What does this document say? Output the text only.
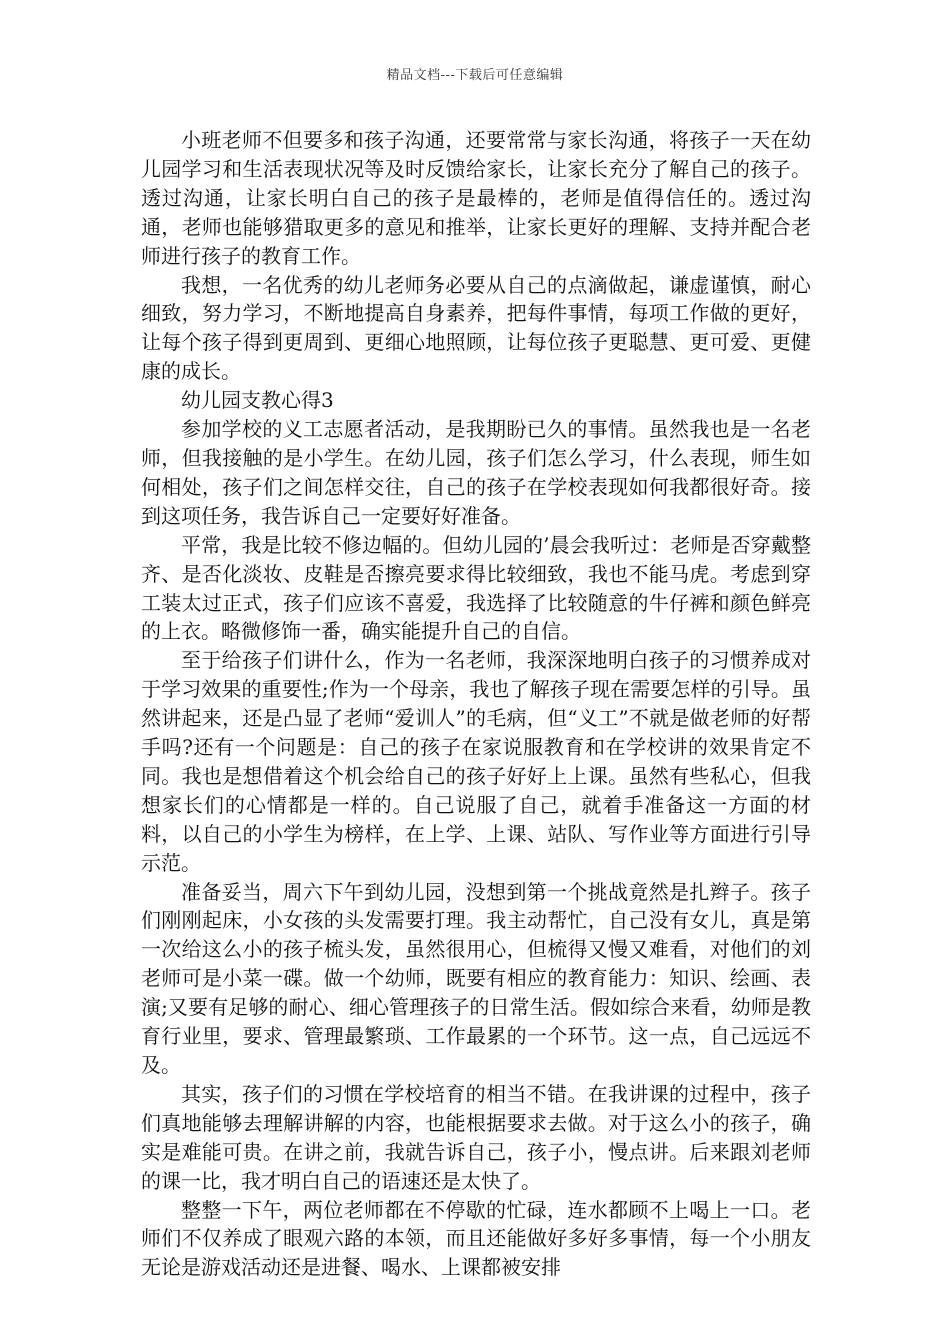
精品文档---下载后可任意编辑

小班老师不但要多和孩子沟通，还要常常与家长沟通，将孩子一天在幼儿园学习和生活表现状况等及时反馈给家长，让家长充分了解自己的孩子。透过沟通，让家长明白自己的孩子是最棒的，老师是值得信任的。透过沟通，老师也能够猎取更多的意见和推举，让家长更好的理解、支持并配合老师进行孩子的教育工作。

我想，一名优秀的幼儿老师务必要从自己的点滴做起，谦虚谨慎，耐心细致，努力学习，不断地提高自身素养，把每件事情，每项工作做的更好，让每个孩子得到更周到、更细心地照顾，让每位孩子更聪慧、更可爱、更健康的成长。

幼儿园支教心得3

参加学校的义工志愿者活动，是我期盼已久的事情。虽然我也是一名老师，但我接触的是小学生。在幼儿园，孩子们怎么学习，什么表现，师生如何相处，孩子们之间怎样交往，自己的孩子在学校表现如何我都很好奇。接到这项任务，我告诉自己一定要好好准备。

平常，我是比较不修边幅的。但幼儿园的’晨会我听过：老师是否穿戴整齐、是否化淡妆、皮鞋是否擦亮要求得比较细致，我也不能马虎。考虑到穿工装太过正式，孩子们应该不喜爱，我选择了比较随意的牛仔裤和颜色鲜亮的上衣。略微修饰一番，确实能提升自己的自信。

至于给孩子们讲什么，作为一名老师，我深深地明白孩子的习惯养成对于学习效果的重要性;作为一个母亲，我也了解孩子现在需要怎样的引导。虽然讲起来，还是凸显了老师“爱训人”的毛病，但“义工”不就是做老师的好帮手吗?还有一个问题是：自己的孩子在家说服教育和在学校讲的效果肯定不同。我也是想借着这个机会给自己的孩子好好上上课。虽然有些私心，但我想家长们的心情都是一样的。自己说服了自己，就着手准备这一方面的材料，以自己的小学生为榜样，在上学、上课、站队、写作业等方面进行引导示范。

准备妥当，周六下午到幼儿园，没想到第一个挑战竟然是扎辫子。孩子们刚刚起床，小女孩的头发需要打理。我主动帮忙，自己没有女儿，真是第一次给这么小的孩子梳头发，虽然很用心，但梳得又慢又难看，对他们的刘老师可是小菜一碟。做一个幼师，既要有相应的教育能力：知识、绘画、表演;又要有足够的耐心、细心管理孩子的日常生活。假如综合来看，幼师是教育行业里，要求、管理最繁琐、工作最累的一个环节。这一点，自己远远不及。

其实，孩子们的习惯在学校培育的相当不错。在我讲课的过程中，孩子们真地能够去理解讲解的内容，也能根据要求去做。对于这么小的孩子，确实是难能可贵。在讲之前，我就告诉自己，孩子小，慢点讲。后来跟刘老师的课一比，我才明白自己的语速还是太快了。

整整一下午，两位老师都在不停歇的忙碌，连水都顾不上喝上一口。老师们不仅养成了眼观六路的本领，而且还能做好多好多事情，每一个小朋友无论是游戏活动还是进餐、喝水、上课都被安排
